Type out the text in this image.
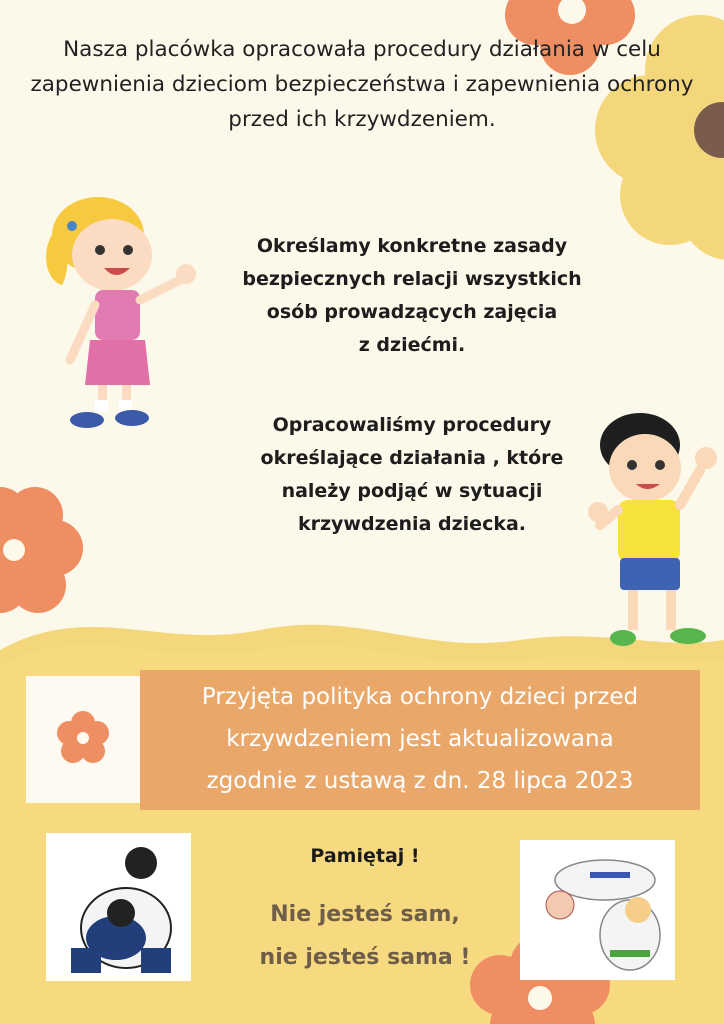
Nasza placówka opracowała procedury działania w celu
zapewnienia dzieciom bezpieczeństwa i zapewnienia ochrony
przed ich krzywdzeniem.
Określamy konkretne zasady
bezpiecznych relacji wszystkich
osób prowadzących zajęcia
z dziećmi.
Opracowaliśmy procedury
określające działania , które
należy podjąć w sytuacji
krzywdzenia dziecka.
Przyjęta polityka ochrony dzieci przed
krzywdzeniem jest aktualizowana
zgodnie z ustawą z dn. 28 lipca 2023
Pamiętaj !
Nie jesteś sam,
nie jesteś sama !
